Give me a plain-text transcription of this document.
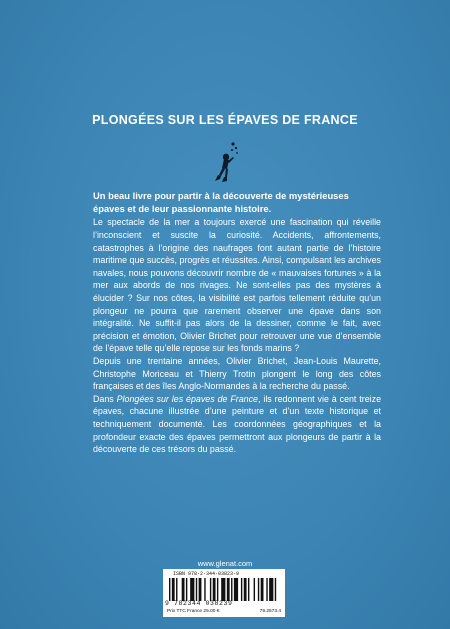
PLONGÉES SUR LES ÉPAVES DE FRANCE

Un beau livre pour partir à la découverte de mystérieuses épaves et de leur passionnante histoire.

Le spectacle de la mer a toujours exercé une fascination qui réveille l’inconscient et suscite la curiosité. Accidents, affrontements, catastrophes à l’origine des naufrages font autant partie de l’histoire maritime que succès, progrès et réussites. Ainsi, compulsant les archives navales, nous pouvons découvrir nombre de « mauvaises fortunes » à la mer aux abords de nos rivages. Ne sont-elles pas des mystères à élucider ? Sur nos côtes, la visibilité est parfois tellement réduite qu’un plongeur ne pourra que rarement observer une épave dans son intégralité. Ne suffit-il pas alors de la dessiner, comme le fait, avec précision et émotion, Olivier Brichet pour retrouver une vue d’ensemble de l’épave telle qu’elle repose sur les fonds marins ?

Depuis une trentaine années, Olivier Brichet, Jean-Louis Maurette, Christophe Moriceau et Thierry Trotin plongent le long des côtes françaises et des îles Anglo-Normandes à la recherche du passé.

Dans Plongées sur les épaves de France, ils redonnent vie à cent treize épaves, chacune illustrée d’une peinture et d’un texte historique et techniquement documenté. Les coordonnées géographiques et la profondeur exacte des épaves permettront aux plongeurs de partir à la découverte de ces trésors du passé.

www.glenat.com
ISBN 978-2-344-03823-9
9 782344 038239
Prix TTC France 25.00 €	79.2573.4
